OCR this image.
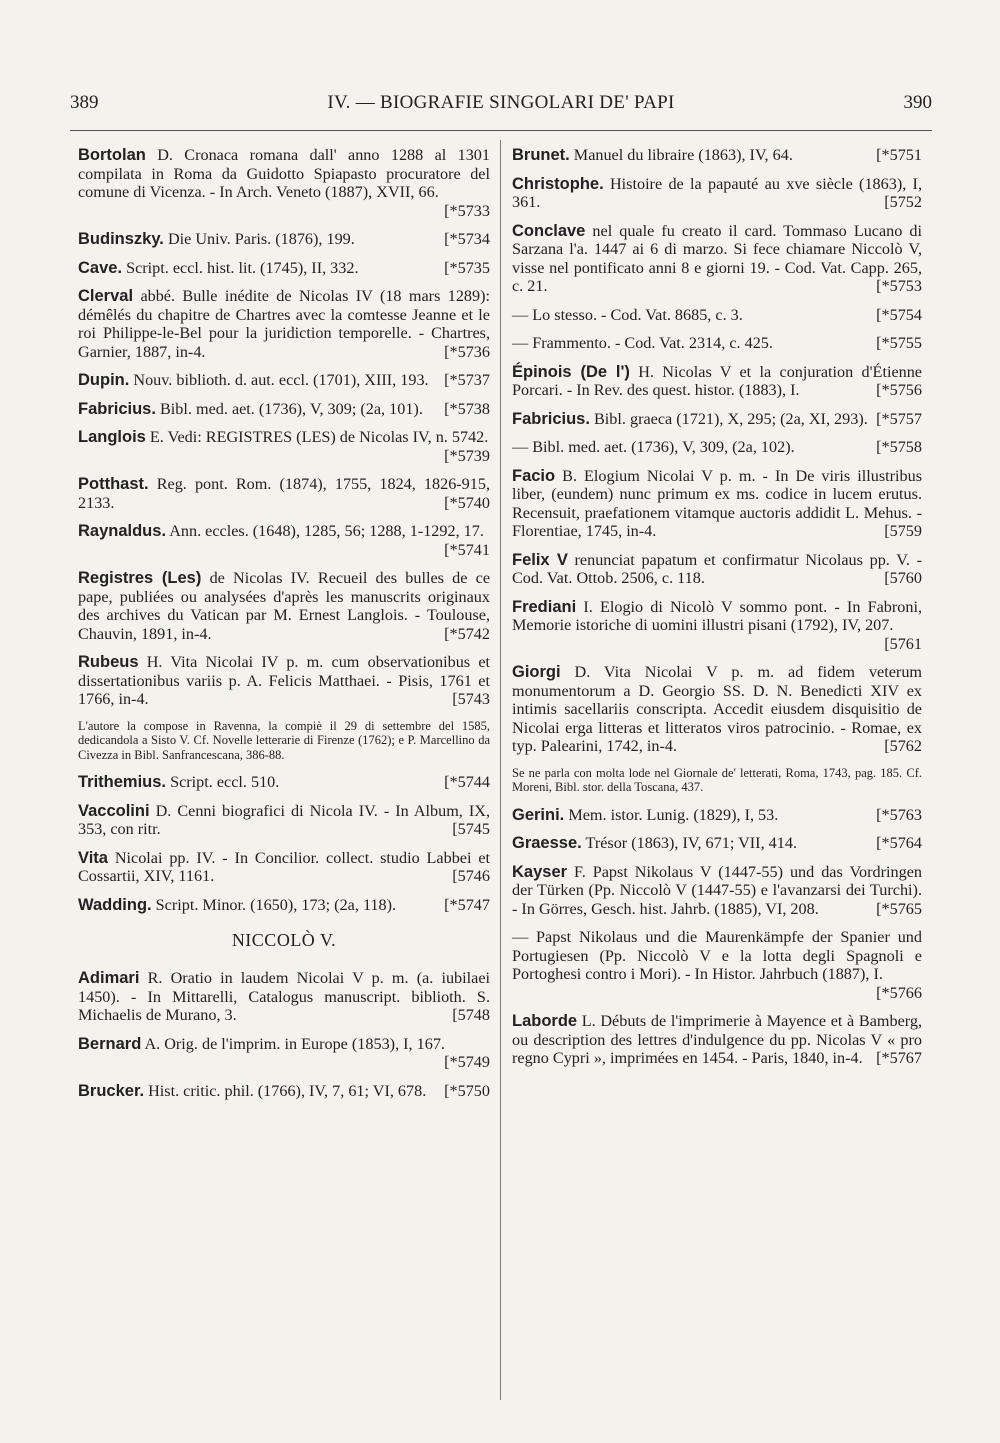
389	IV. — BIOGRAFIE SINGOLARI DE' PAPI	390
Bortolan D. Cronaca romana dall' anno 1288 al 1301 compilata in Roma da Guidotto Spiapasto procuratore del comune di Vicenza. - In Arch. Veneto (1887), XVII, 66.
[*5733
Budinszky. Die Univ. Paris. (1876), 199.	[*5734
Cave. Script. eccl. hist. lit. (1745), II, 332.	[*5735
Clerval abbé. Bulle inédite de Nicolas IV (18 mars 1289): démêlés du chapitre de Chartres avec la comtesse Jeanne et le roi Philippe-le-Bel pour la juridiction temporelle. - Chartres, Garnier, 1887, in-4.	[*5736
Dupin. Nouv. biblioth. d. aut. eccl. (1701), XIII, 193. [*5737
Fabricius. Bibl. med. aet. (1736), V, 309; (2a, 101). [*5738
Langlois E. Vedi: REGISTRES (LES) de Nicolas IV, n. 5742.
[*5739
Potthast. Reg. pont. Rom. (1874), 1755, 1824, 1826-915, 2133.	[*5740
Raynaldus. Ann. eccles. (1648), 1285, 56; 1288, 1-1292, 17.
[*5741
Registres (Les) de Nicolas IV. Recueil des bulles de ce pape, publiées ou analysées d'après les manuscrits originaux des archives du Vatican par M. Ernest Langlois. - Toulouse, Chauvin, 1891, in-4.	[*5742
Rubeus H. Vita Nicolai IV p. m. cum observationibus et dissertationibus variis p. A. Felicis Matthaei. - Pisis, 1761 et 1766, in-4.	[5743
L'autore la compose in Ravenna, la compiè il 29 di settembre del 1585, dedicandola a Sisto V. Cf. Novelle letterarie di Firenze (1762); e P. Marcellino da Civezza in Bibl. Sanfrancescana, 386-88.
Trithemius. Script. eccl. 510.	[*5744
Vaccolini D. Cenni biografici di Nicola IV. - In Album, IX, 353, con ritr.	[5745
Vita Nicolai pp. IV. - In Concilior. collect. studio Labbei et Cossartii, XIV, 1161.	[5746
Wadding. Script. Minor. (1650), 173; (2a, 118).	[*5747
NICCOLÒ V.
Adimari R. Oratio in laudem Nicolai V p. m. (a. iubilaei 1450). - In Mittarelli, Catalogus manuscript. biblioth. S. Michaelis de Murano, 3.	[5748
Bernard A. Orig. de l'imprim. in Europe (1853), I, 167.
[*5749
Brucker. Hist. critic. phil. (1766), IV, 7, 61; VI, 678. [*5750
Brunet. Manuel du libraire (1863), IV, 64.	[*5751
Christophe. Histoire de la papauté au xve siècle (1863), I, 361.	[5752
Conclave nel quale fu creato il card. Tommaso Lucano di Sarzana l'a. 1447 ai 6 di marzo. Si fece chiamare Niccolò V, visse nel pontificato anni 8 e giorni 19. - Cod. Vat. Capp. 265, c. 21.	[*5753
— Lo stesso. - Cod. Vat. 8685, c. 3.	[*5754
— Frammento. - Cod. Vat. 2314, c. 425.	[*5755
Épinois (De l') H. Nicolas V et la conjuration d'Étienne Porcari. - In Rev. des quest. histor. (1883), I.	[*5756
Fabricius. Bibl. graeca (1721), X, 295; (2a, XI, 293). [*5757
— Bibl. med. aet. (1736), V, 309, (2a, 102).	[*5758
Facio B. Elogium Nicolai V p. m. - In De viris illustribus liber, (eundem) nunc primum ex ms. codice in lucem erutus. Recensuit, praefationem vitamque auctoris addidit L. Mehus. - Florentiae, 1745, in-4.	[5759
Felix V renunciat papatum et confirmatur Nicolaus pp. V. - Cod. Vat. Ottob. 2506, c. 118.	[5760
Frediani I. Elogio di Nicolò V sommo pont. - In Fabroni, Memorie istoriche di uomini illustri pisani (1792), IV, 207.
[5761
Giorgi D. Vita Nicolai V p. m. ad fidem veterum monumentorum a D. Georgio SS. D. N. Benedicti XIV ex intimis sacellariis conscripta. Accedit eiusdem disquisitio de Nicolai erga litteras et litteratos viros patrocinio. - Romae, ex typ. Palearini, 1742, in-4.	[5762
Se ne parla con molta lode nel Giornale de' letterati, Roma, 1743, pag. 185. Cf. Moreni, Bibl. stor. della Toscana, 437.
Gerini. Mem. istor. Lunig. (1829), I, 53.	[*5763
Graesse. Trésor (1863), IV, 671; VII, 414.	[*5764
Kayser F. Papst Nikolaus V (1447-55) und das Vordringen der Türken (Pp. Niccolò V (1447-55) e l'avanzarsi dei Turchi). - In Görres, Gesch. hist. Jahrb. (1885), VI, 208.	[*5765
— Papst Nikolaus und die Maurenkämpfe der Spanier und Portugiesen (Pp. Niccolò V e la lotta degli Spagnoli e Portoghesi contro i Mori). - In Histor. Jahrbuch (1887), I.
[*5766
Laborde L. Débuts de l'imprimerie à Mayence et à Bamberg, ou description des lettres d'indulgence du pp. Nicolas V « pro regno Cypri », imprimées en 1454. - Paris, 1840, in-4. [*5767
